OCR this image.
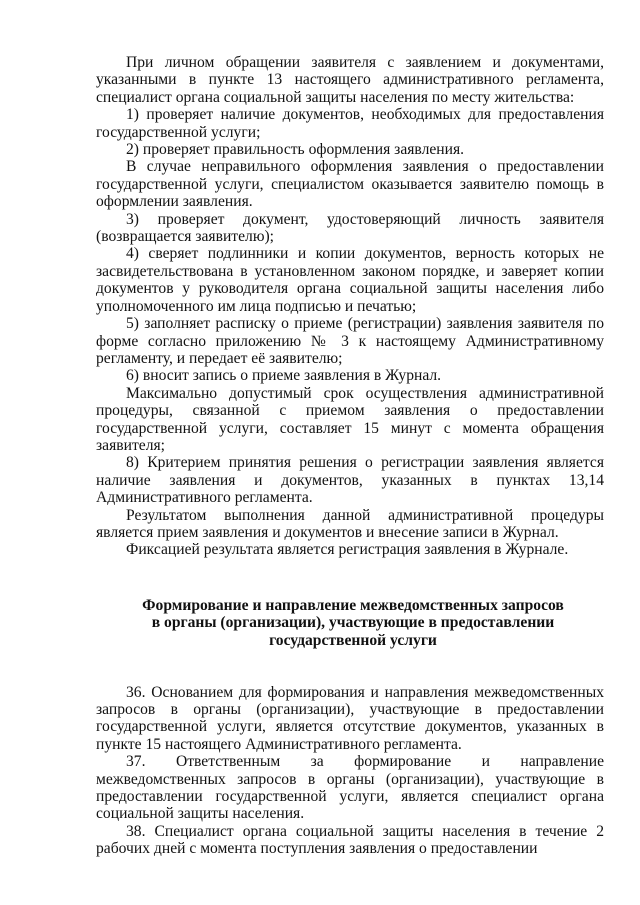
При личном обращении заявителя с заявлением и документами, указанными в пункте 13 настоящего административного регламента, специалист органа социальной защиты населения по месту жительства:

1) проверяет наличие документов, необходимых для предоставления государственной услуги;

2) проверяет правильность оформления заявления.

В случае неправильного оформления заявления о предоставлении государственной услуги, специалистом оказывается заявителю помощь в оформлении заявления.

3) проверяет документ, удостоверяющий личность заявителя (возвращается заявителю);

4) сверяет подлинники и копии документов, верность которых не засвидетельствована в установленном законом порядке, и заверяет копии документов у руководителя органа социальной защиты населения либо уполномоченного им лица подписью и печатью;

5) заполняет расписку о приеме (регистрации) заявления заявителя по форме согласно приложению № 3 к настоящему Административному регламенту, и передает её заявителю;

6) вносит запись о приеме заявления в Журнал.

Максимально допустимый срок осуществления административной процедуры, связанной с приемом заявления о предоставлении государственной услуги, составляет 15 минут с момента обращения заявителя;

8) Критерием принятия решения о регистрации заявления является наличие заявления и документов, указанных в пунктах 13,14 Административного регламента.

Результатом выполнения данной административной процедуры является прием заявления и документов и внесение записи в Журнал.

Фиксацией результата является регистрация заявления в Журнале.

Формирование и направление межведомственных запросов

в органы (организации), участвующие в предоставлении

государственной услуги

36. Основанием для формирования и направления межведомственных запросов в органы (организации), участвующие в предоставлении государственной услуги, является отсутствие документов, указанных в пункте 15 настоящего Административного регламента.

37. Ответственным за формирование и направление межведомственных запросов в органы (организации), участвующие в предоставлении государственной услуги, является специалист органа социальной защиты населения.

38. Специалист органа социальной защиты населения в течение 2 рабочих дней с момента поступления заявления о предоставлении
